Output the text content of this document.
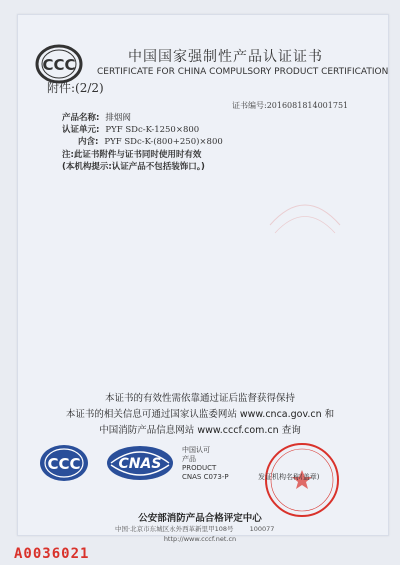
CCC	中国国家强制性产品认证证书
CERTIFICATE FOR CHINA COMPULSORY PRODUCT CERTIFICATION
附件:(2/2)
证书编号:2016081814001751
产品名称: 排烟阀
认证单元: PYF SDc-K-1250×800
内含: PYF SDc-K-(800+250)×800
注:此证书附件与证书同时使用时有效
(本机构提示:认证产品不包括装饰口。)
本证书的有效性需依靠通过证后监督获得保持
本证书的相关信息可通过国家认监委网站 www.cnca.gov.cn 和
中国消防产品信息网站 www.cccf.com.cn 查询
CCC	CNAS
中国认可
产品
PRODUCT
CNAS C073-P	发证机构名称(盖章)
公安部消防产品合格评定中心
中国·北京市东城区永外西革新里甲108号 100077
http://www.cccf.net.cn
A0036021
